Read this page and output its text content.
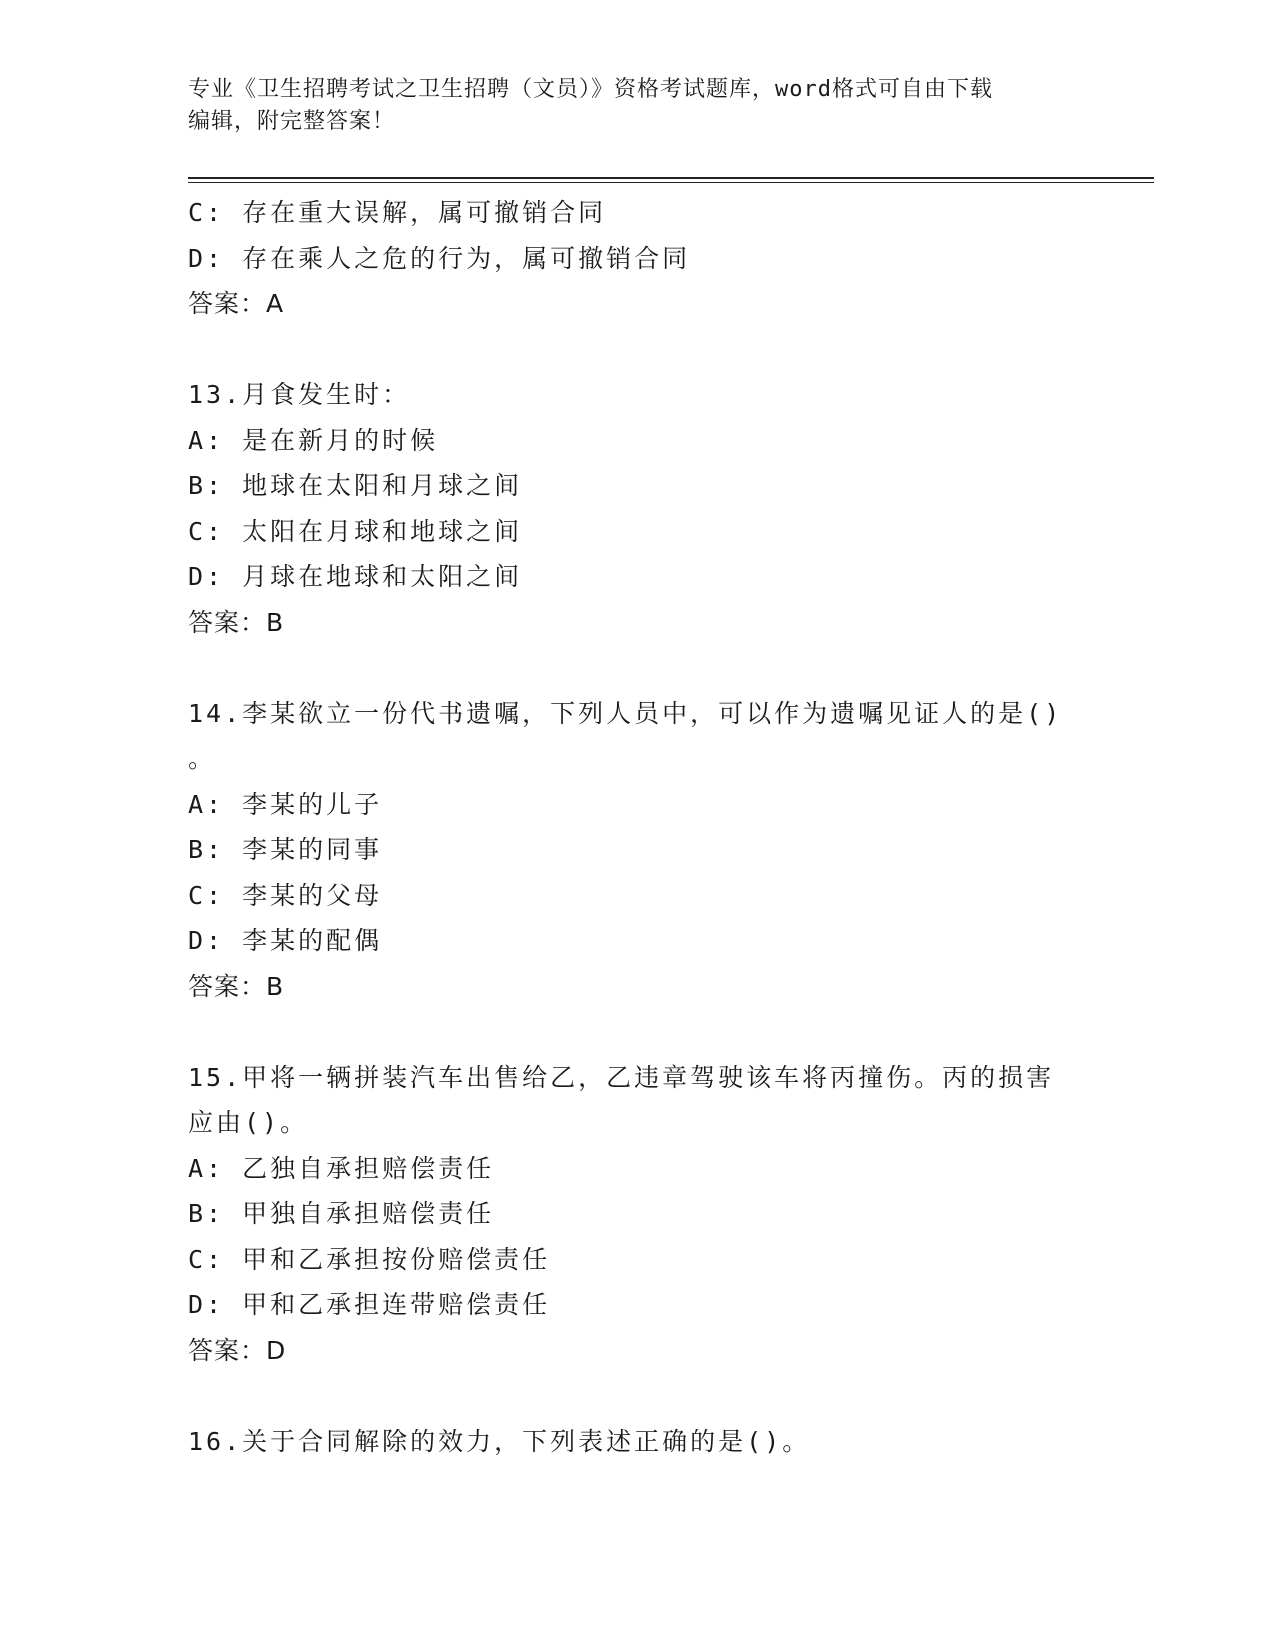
专业《卫生招聘考试之卫生招聘（文员）》资格考试题库，word格式可自由下载
编辑，附完整答案！
C: 存在重大误解，属可撤销合同
D: 存在乘人之危的行为，属可撤销合同
答案：A
13.月食发生时：
A: 是在新月的时候
B: 地球在太阳和月球之间
C: 太阳在月球和地球之间
D: 月球在地球和太阳之间
答案：B
14.李某欲立一份代书遗嘱，下列人员中，可以作为遗嘱见证人的是()
。
A: 李某的儿子
B: 李某的同事
C: 李某的父母
D: 李某的配偶
答案：B
15.甲将一辆拼装汽车出售给乙，乙违章驾驶该车将丙撞伤。丙的损害
应由()。
A: 乙独自承担赔偿责任
B: 甲独自承担赔偿责任
C: 甲和乙承担按份赔偿责任
D: 甲和乙承担连带赔偿责任
答案：D
16.关于合同解除的效力，下列表述正确的是()。
